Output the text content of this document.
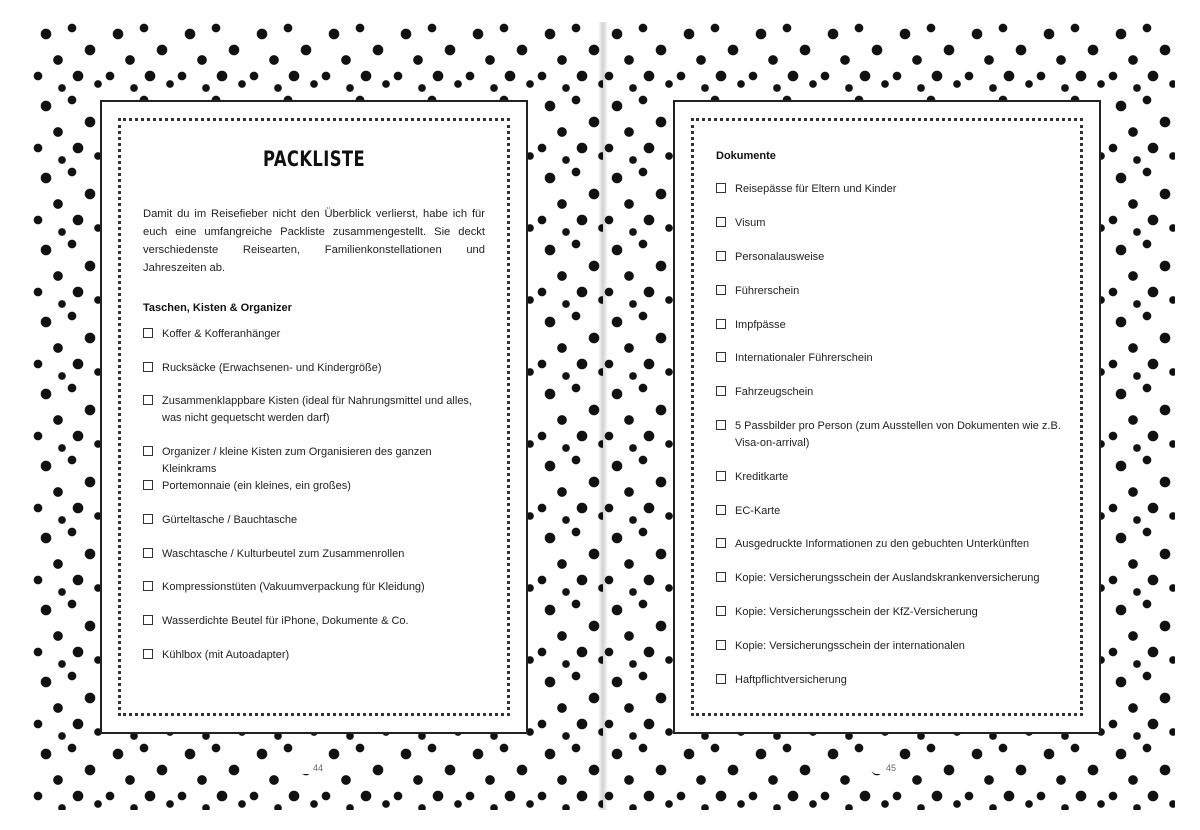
PACKLISTE
Damit du im Reisefieber nicht den Überblick verlierst, habe ich für euch eine umfangreiche Packliste zusammengestellt. Sie deckt verschiedenste Reisearten, Familienkonstellationen und Jahreszeiten ab.
Taschen, Kisten & Organizer
Koffer & Kofferanhänger
Rucksäcke (Erwachsenen- und Kindergröße)
Zusammenklappbare Kisten (ideal für Nahrungsmittel und alles, was nicht gequetscht werden darf)
Organizer / kleine Kisten zum Organisieren des ganzen Kleinkrams
Portemonnaie (ein kleines, ein großes)
Gürteltasche / Bauchtasche
Waschtasche / Kulturbeutel zum Zusammenrollen
Kompressionstüten (Vakuumverpackung für Kleidung)
Wasserdichte Beutel für iPhone, Dokumente & Co.
Kühlbox (mit Autoadapter)
44
Dokumente
Reisepässe für Eltern und Kinder
Visum
Personalausweise
Führerschein
Impfpässe
Internationaler Führerschein
Fahrzeugschein
5 Passbilder pro Person (zum Ausstellen von Dokumenten wie z.B. Visa-on-arrival)
Kreditkarte
EC-Karte
Ausgedruckte Informationen zu den gebuchten Unterkünften
Kopie: Versicherungsschein der Auslandskrankenversicherung
Kopie: Versicherungsschein der KfZ-Versicherung
Kopie: Versicherungsschein der internationalen
Haftpflichtversicherung
45
